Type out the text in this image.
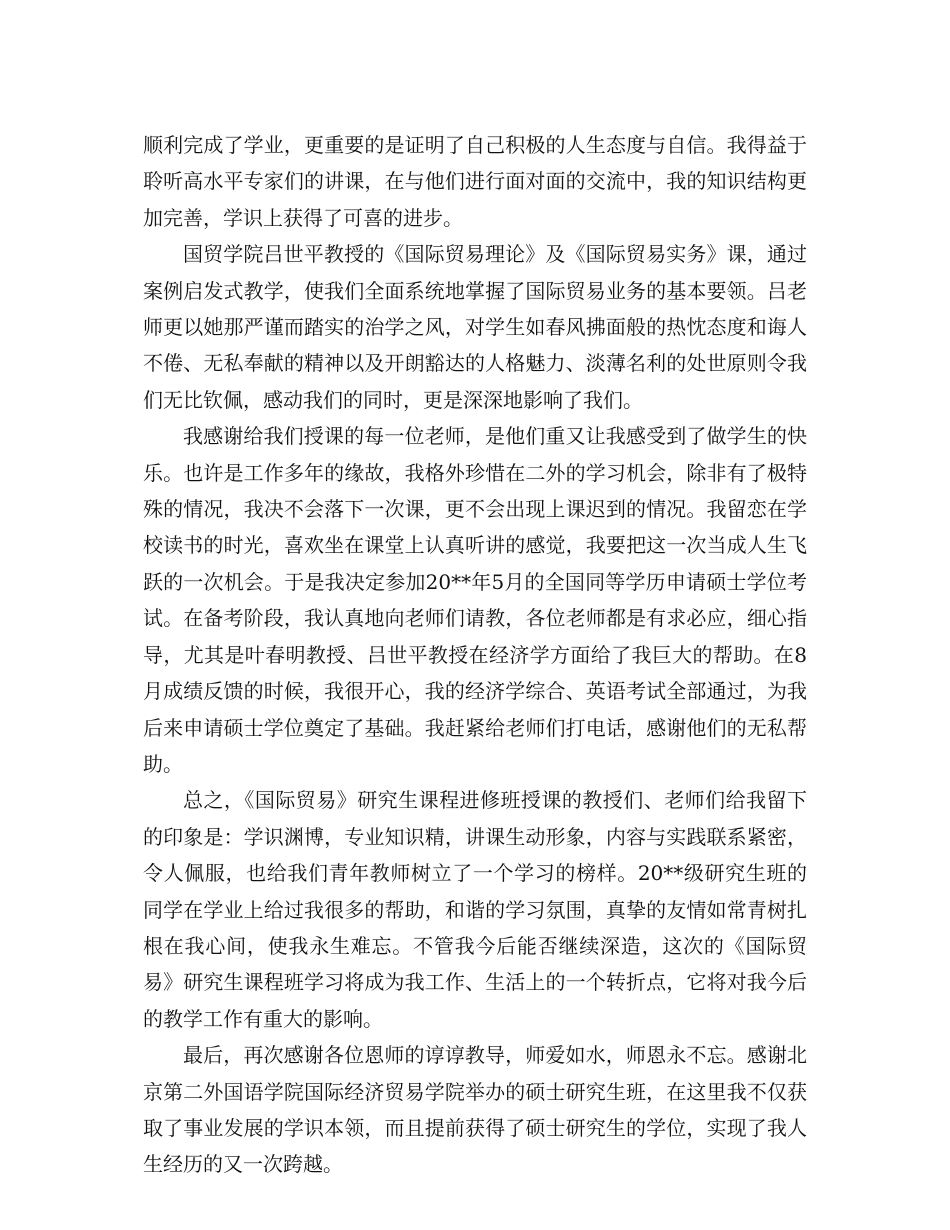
顺利完成了学业，更重要的是证明了自己积极的人生态度与自信。我得益于聆听高水平专家们的讲课，在与他们进行面对面的交流中，我的知识结构更加完善，学识上获得了可喜的进步。

国贸学院吕世平教授的《国际贸易理论》及《国际贸易实务》课，通过案例启发式教学，使我们全面系统地掌握了国际贸易业务的基本要领。吕老师更以她那严谨而踏实的治学之风，对学生如春风拂面般的热忱态度和诲人不倦、无私奉献的精神以及开朗豁达的人格魅力、淡薄名利的处世原则令我们无比钦佩，感动我们的同时，更是深深地影响了我们。

我感谢给我们授课的每一位老师，是他们重又让我感受到了做学生的快乐。也许是工作多年的缘故，我格外珍惜在二外的学习机会，除非有了极特殊的情况，我决不会落下一次课，更不会出现上课迟到的情况。我留恋在学校读书的时光，喜欢坐在课堂上认真听讲的感觉，我要把这一次当成人生飞跃的一次机会。于是我决定参加20**年5月的全国同等学历申请硕士学位考试。在备考阶段，我认真地向老师们请教，各位老师都是有求必应，细心指导，尤其是叶春明教授、吕世平教授在经济学方面给了我巨大的帮助。在8月成绩反馈的时候，我很开心，我的经济学综合、英语考试全部通过，为我后来申请硕士学位奠定了基础。我赶紧给老师们打电话，感谢他们的无私帮助。

总之，《国际贸易》研究生课程进修班授课的教授们、老师们给我留下的印象是：学识渊博，专业知识精，讲课生动形象，内容与实践联系紧密，令人佩服，也给我们青年教师树立了一个学习的榜样。20**级研究生班的同学在学业上给过我很多的帮助，和谐的学习氛围，真挚的友情如常青树扎根在我心间，使我永生难忘。不管我今后能否继续深造，这次的《国际贸易》研究生课程班学习将成为我工作、生活上的一个转折点，它将对我今后的教学工作有重大的影响。

最后，再次感谢各位恩师的谆谆教导，师爱如水，师恩永不忘。感谢北京第二外国语学院国际经济贸易学院举办的硕士研究生班，在这里我不仅获取了事业发展的学识本领，而且提前获得了硕士研究生的学位，实现了我人生经历的又一次跨越。
